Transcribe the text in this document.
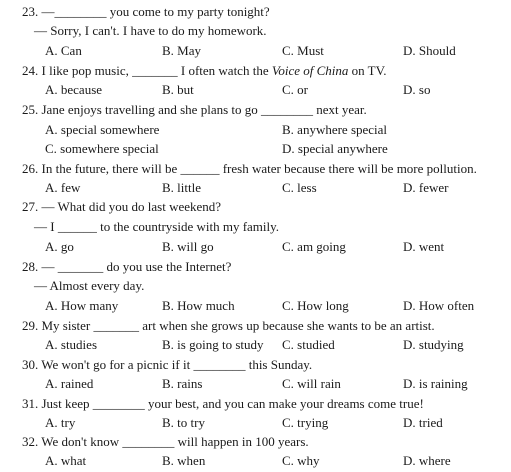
23. —________ you come to my party tonight?
— Sorry, I can't. I have to do my homework.
A. Can	B. May	C. Must	D. Should
24. I like pop music, _______ I often watch the Voice of China on TV.
A. because	B. but	C. or	D. so
25. Jane enjoys travelling and she plans to go ________ next year.
A. special somewhere	B. anywhere special
C. somewhere special	D. special anywhere
26. In the future, there will be ______ fresh water because there will be more pollution.
A. few	B. little	C. less	D. fewer
27. — What did you do last weekend?
— I ______ to the countryside with my family.
A. go	B. will go	C. am going	D. went
28. — _______ do you use the Internet?
— Almost every day.
A. How many	B. How much	C. How long	D. How often
29. My sister _______ art when she grows up because she wants to be an artist.
A. studies	B. is going to study C. studied	D. studying
30. We won't go for a picnic if it ________ this Sunday.
A. rained	B. rains	C. will rain	D. is raining
31. Just keep ________ your best, and you can make your dreams come true!
A. try	B. to try	C. trying	D. tried
32. We don't know ________ will happen in 100 years.
A. what	B. when	C. why	D. where
